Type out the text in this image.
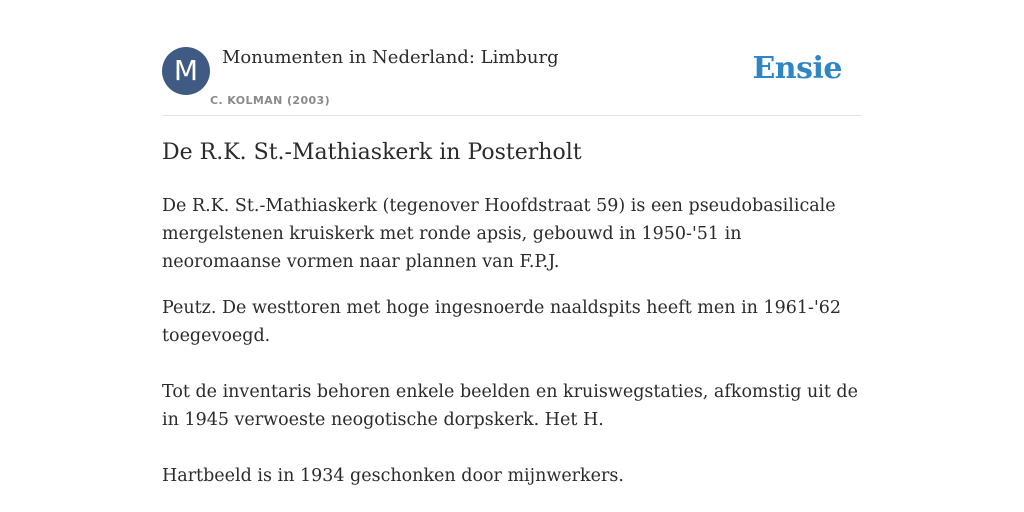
M	Monumenten in Nederland: Limburg
C. KOLMAN (2003)
Ensie
De R.K. St.-Mathiaskerk in Posterholt

De R.K. St.-Mathiaskerk (tegenover Hoofdstraat 59) is een pseudobasilicale mergelstenen kruiskerk met ronde apsis, gebouwd in 1950-'51 in neoromaanse vormen naar plannen van F.P.J.

Peutz. De westtoren met hoge ingesnoerde naaldspits heeft men in 1961-'62 toegevoegd.

Tot de inventaris behoren enkele beelden en kruiswegstaties, afkomstig uit de in 1945 verwoeste neogotische dorpskerk. Het H.

Hartbeeld is in 1934 geschonken door mijnwerkers.
